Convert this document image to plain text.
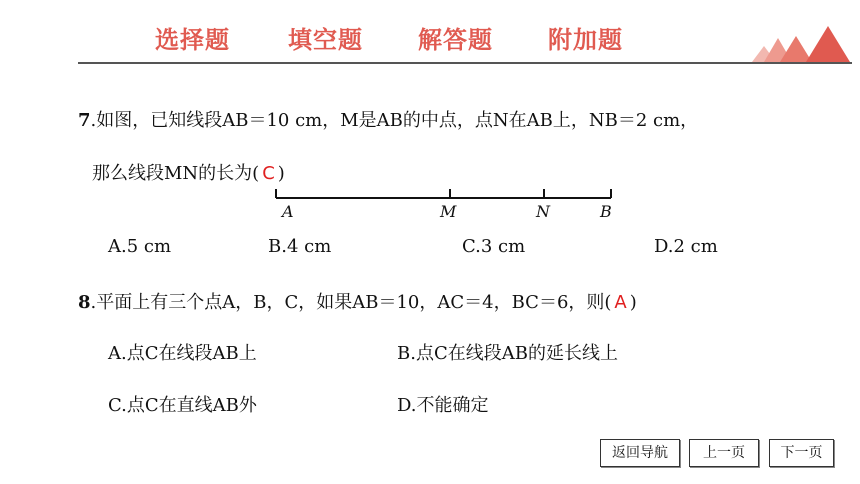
选择题 填空题 解答题 附加题
7.如图，已知线段AB＝10 cm，M是AB的中点，点N在AB上，NB＝2 cm，
那么线段MN的长为( C )
A	M	N	B
A.5 cm	B.4 cm	C.3 cm	D.2 cm
8.平面上有三个点A，B，C，如果AB＝10，AC＝4，BC＝6，则( A )
A.点C在线段AB上	B.点C在线段AB的延长线上
C.点C在直线AB外	D.不能确定
返回导航	上一页	下一页
